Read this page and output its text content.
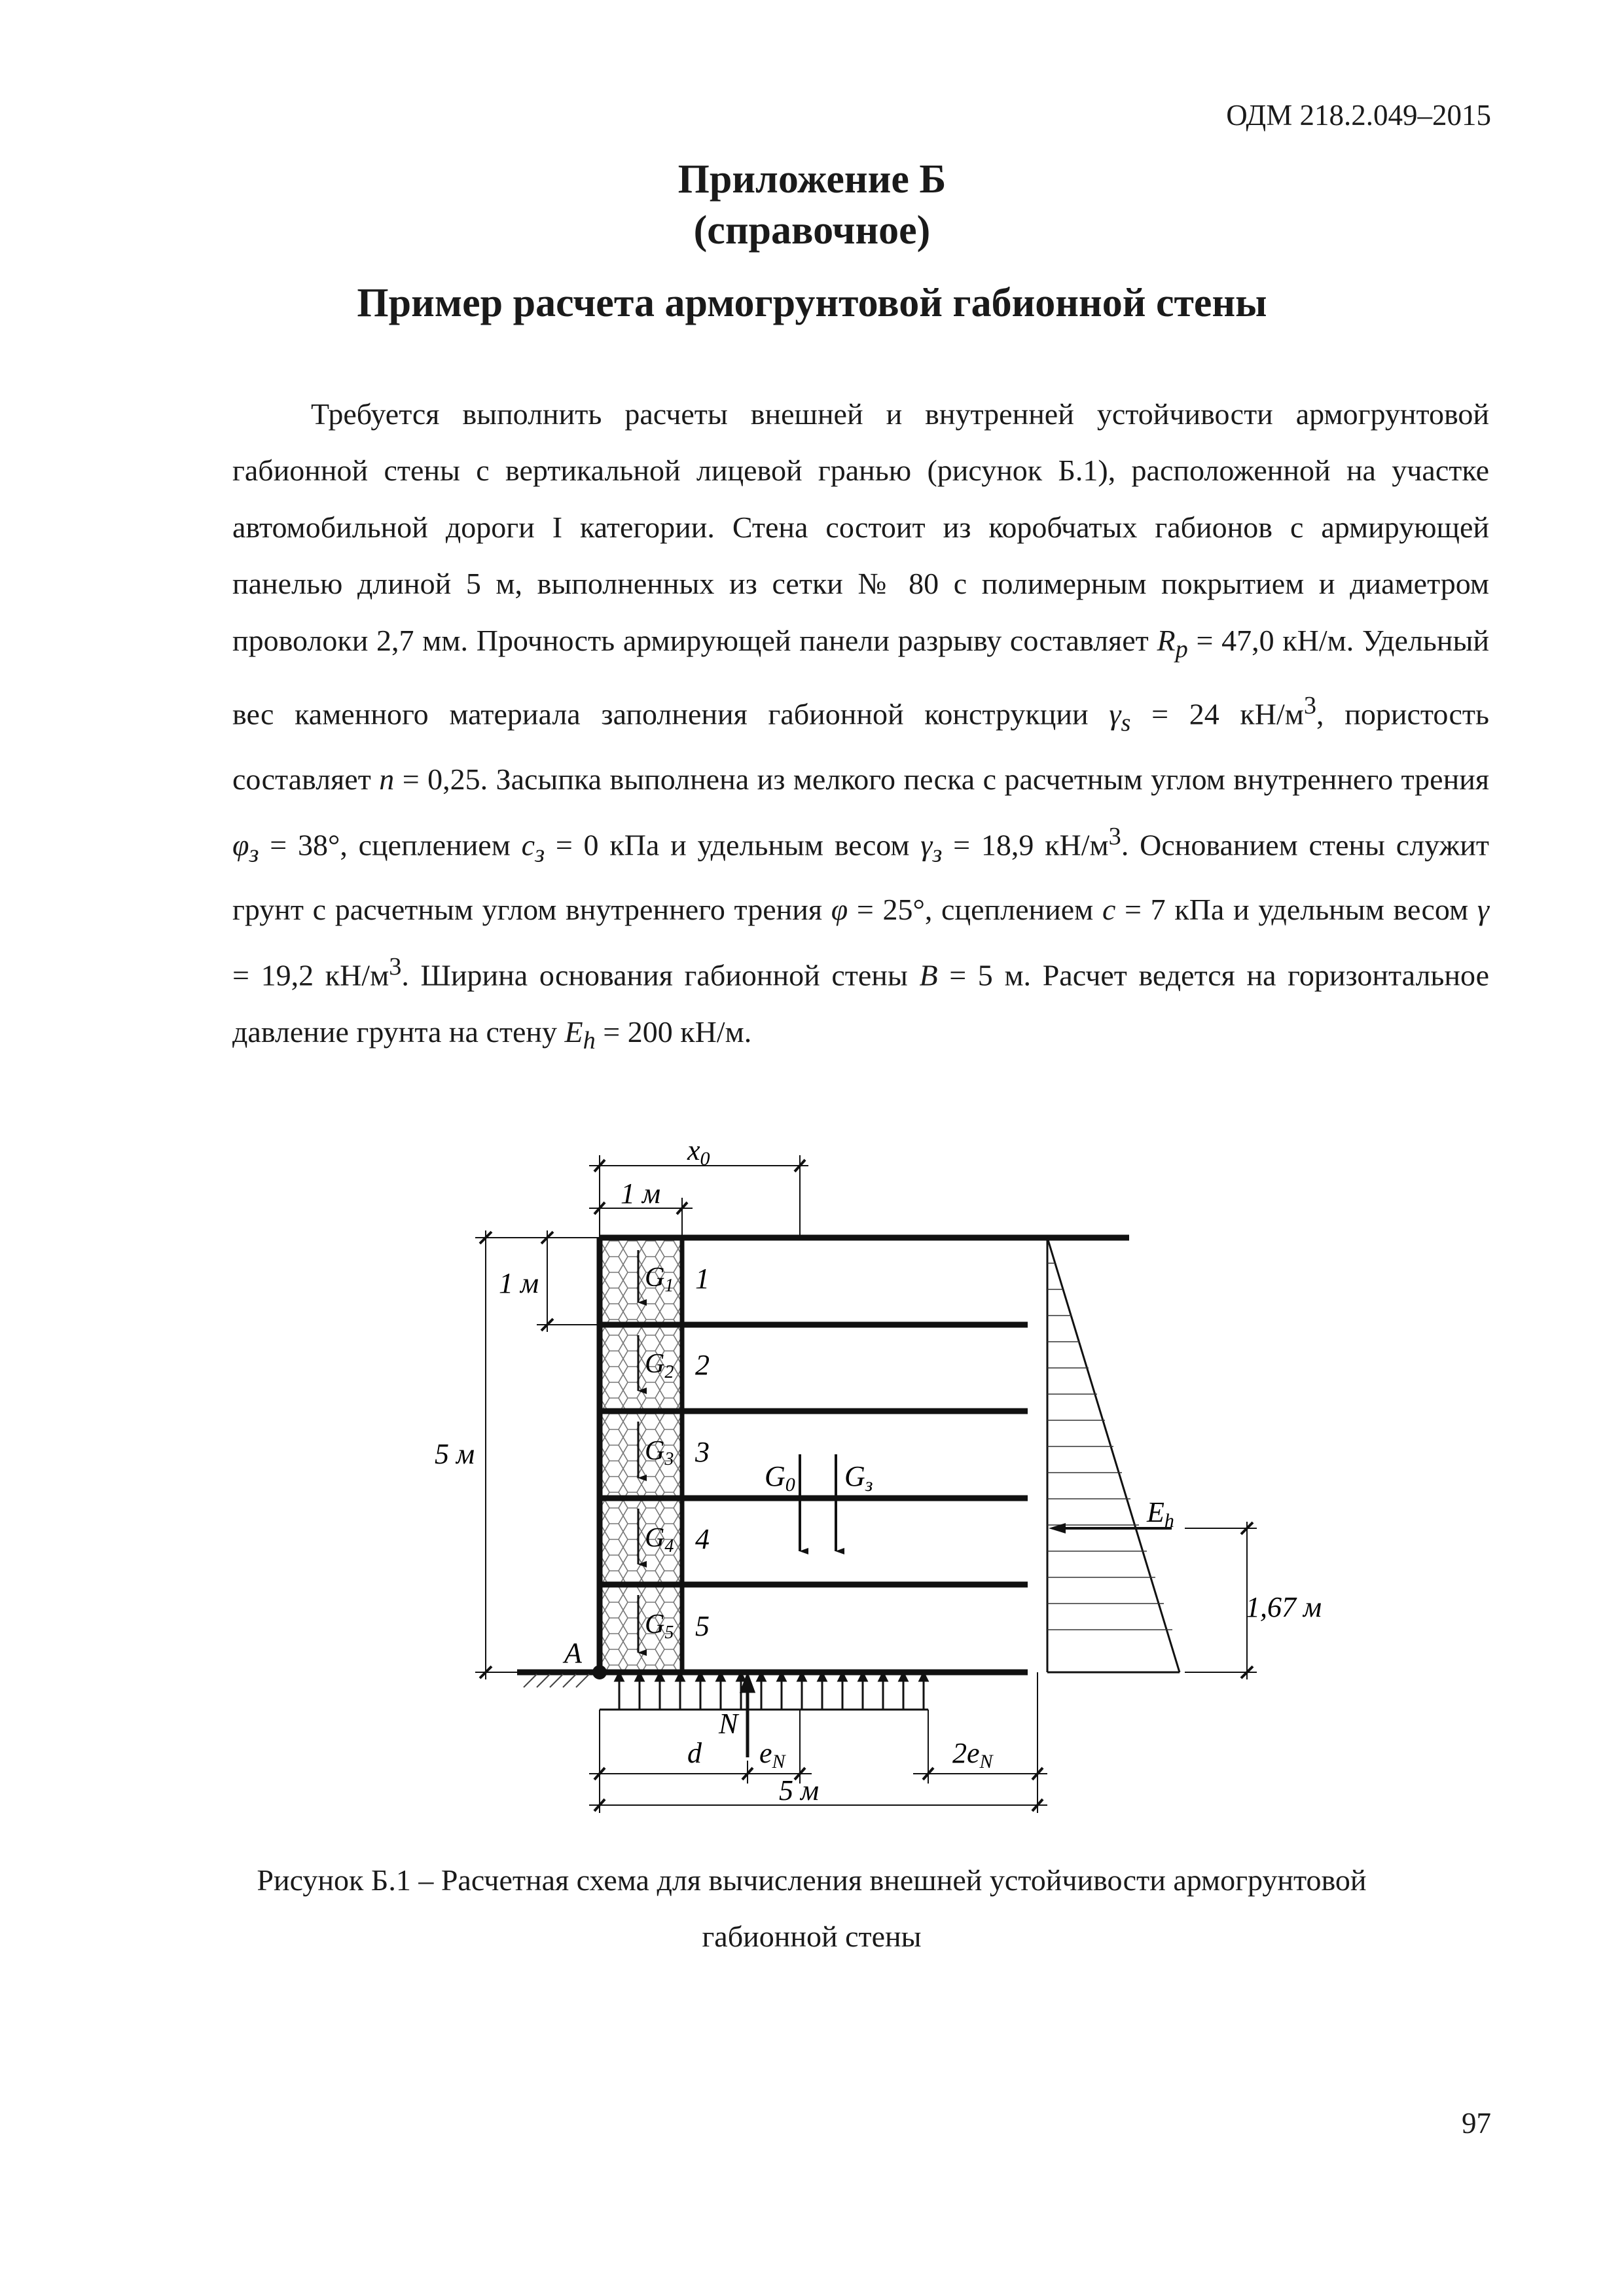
ОДМ 218.2.049–2015
Приложение Б
(справочное)
Пример расчета армогрунтовой габионной стены

Требуется выполнить расчеты внешней и внутренней устойчивости армогрунтовой габионной стены с вертикальной лицевой гранью (рисунок Б.1), расположенной на участке автомобильной дороги I категории. Стена состоит из коробчатых габионов с армирующей панелью длиной 5 м, выполненных из сетки № 80 с полимерным покрытием и диаметром проволоки 2,7 мм. Прочность армирующей панели разрыву составляет $R_p = 47,0$ кН/м. Удельный вес каменного материала заполнения габионной конструкции $\gamma_s = 24$ $кН/м^3$, пористость составляет n = 0,25. Засыпка выполнена из мелкого песка с расчетным углом внутреннего трения $\varphi_з = 38^\circ$, сцеплением $c_з = 0$ кПа и удельным весом $\gamma_з = 18,9$ $кН/м^3$. Основанием стены служит грунт с расчетным углом внутреннего трения φ = 25°, сцеплением c = 7 кПа и удельным весом γ = 19,2 $кН/м^3$. Ширина основания габионной стены B = 5 м. Расчет ведется на горизонтальное давление грунта на стену $E_h = 200$ кН/м.

x0
1 м
1 м
5 м
1
2
3
4
5
G1
G2
G3
G4
G5
G0 Gз
Eh
1,67 м
A
N
d eN	2eN
5 м
Рисунок Б.1 – Расчетная схема для вычисления внешней устойчивости армогрунтовой
габионной стены
97
